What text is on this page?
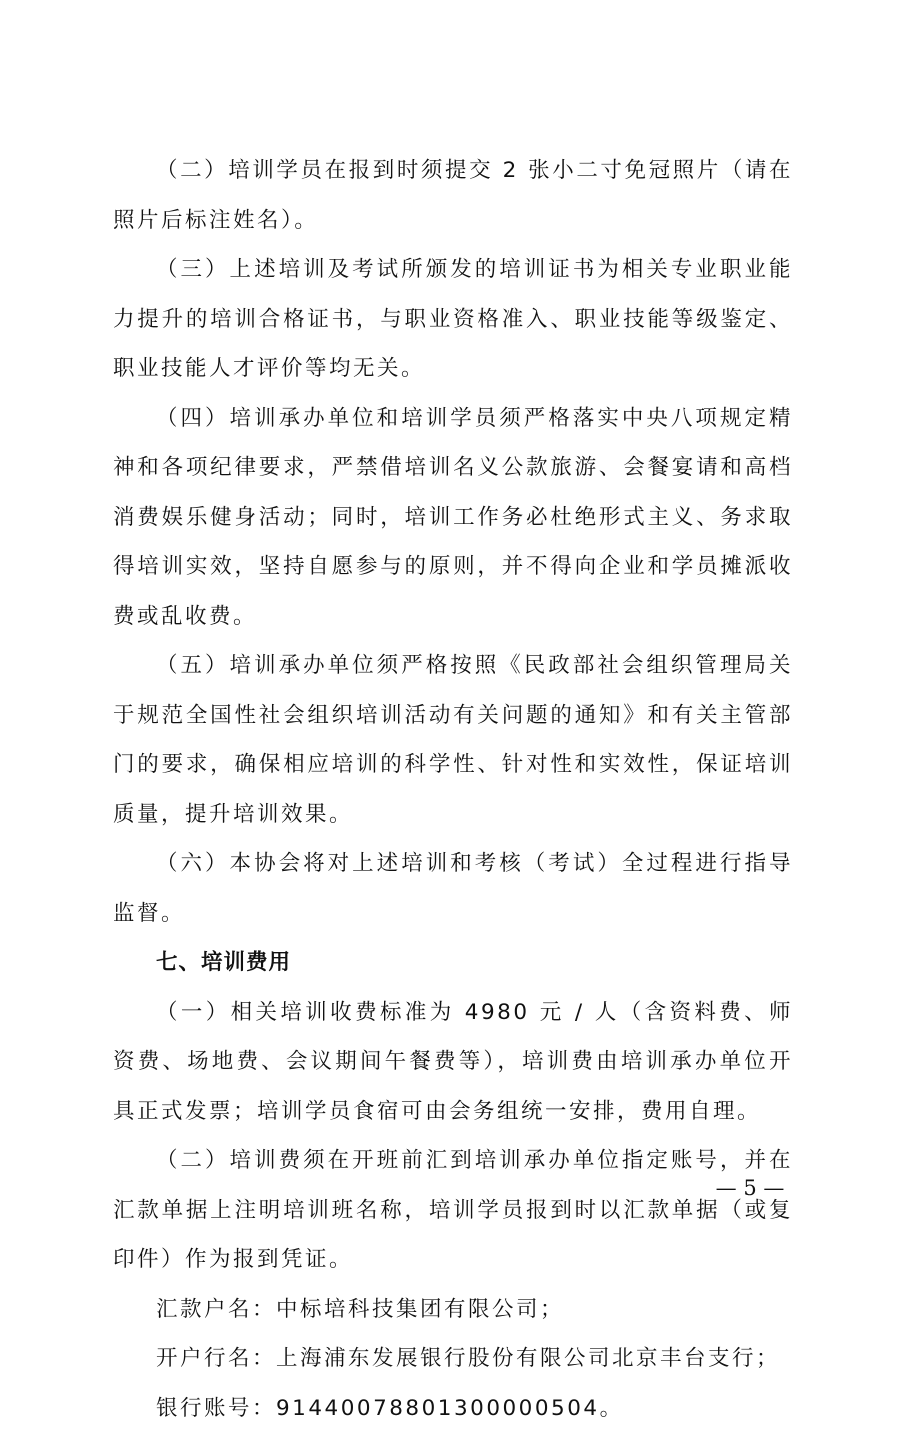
（二）培训学员在报到时须提交 2 张小二寸免冠照片（请在照片后标注姓名）。

（三）上述培训及考试所颁发的培训证书为相关专业职业能力提升的培训合格证书，与职业资格准入、职业技能等级鉴定、职业技能人才评价等均无关。

（四）培训承办单位和培训学员须严格落实中央八项规定精神和各项纪律要求，严禁借培训名义公款旅游、会餐宴请和高档消费娱乐健身活动；同时，培训工作务必杜绝形式主义、务求取得培训实效，坚持自愿参与的原则，并不得向企业和学员摊派收费或乱收费。

（五）培训承办单位须严格按照《民政部社会组织管理局关于规范全国性社会组织培训活动有关问题的通知》和有关主管部门的要求，确保相应培训的科学性、针对性和实效性，保证培训质量，提升培训效果。

（六）本协会将对上述培训和考核（考试）全过程进行指导监督。

七、培训费用

（一）相关培训收费标准为 4980 元 / 人（含资料费、师资费、场地费、会议期间午餐费等），培训费由培训承办单位开具正式发票；培训学员食宿可由会务组统一安排，费用自理。

（二）培训费须在开班前汇到培训承办单位指定账号，并在汇款单据上注明培训班名称，培训学员报到时以汇款单据（或复印件）作为报到凭证。

汇款户名：中标培科技集团有限公司；

开户行名：上海浦东发展银行股份有限公司北京丰台支行；

银行账号：91440078801300000504。

— 5 —
